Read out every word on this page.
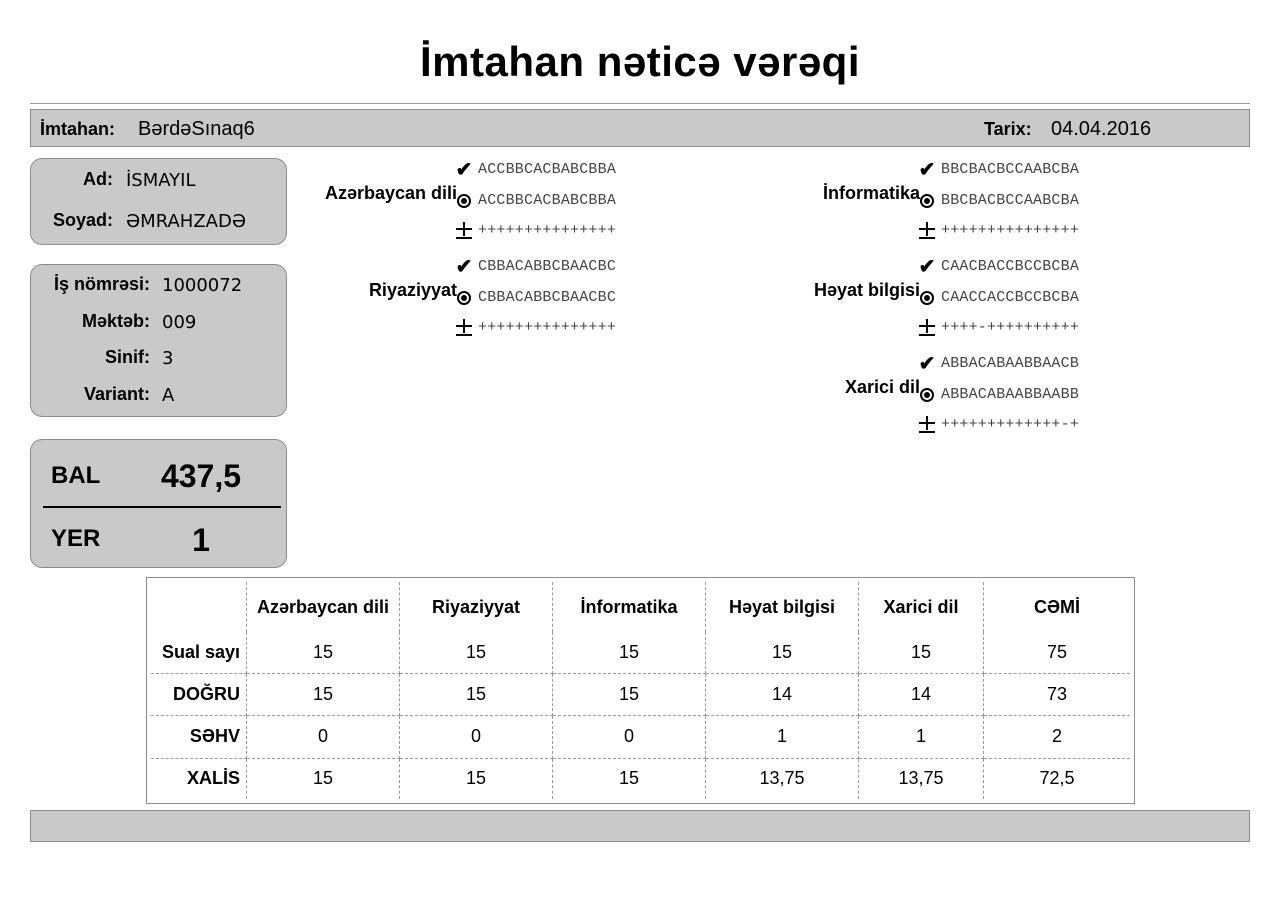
İmtahan nəticə vərəqi
İmtahan: BərdəSınaq6	Tarix: 04.04.2016
Ad: İSMAYIL
Soyad: ƏMRAHZADƏ
İş nömrəsi: 1000072
Məktəb: 009
Sinif: 3
Variant: A
BAL	437,5
YER	1
Azərbaycan dili
✔ ACCBBCACBABCBBA
ACCBBCACBABCBBA
+++++++++++++++
Riyaziyyat
✔ CBBACABBCBAACBC
CBBACABBCBAACBC
+++++++++++++++
İnformatika
✔ BBCBACBCCAABCBA
BBCBACBCCAABCBA
+++++++++++++++
Həyat bilgisi
✔ CAACBACCBCCBCBA
CAACCACCBCCBCBA
++++-++++++++++
Xarici dil
✔ ABBACABAABBAACB
ABBACABAABBAABB
+++++++++++++-+
	Azərbaycan dili	Riyaziyyat	İnformatika	Həyat bilgisi	Xarici dil	CƏMİ
Sual sayı	15	15	15	15	15	75
DOĞRU	15	15	15	14	14	73
SƏHV	0	0	0	1	1	2
XALİS	15	15	15	13,75	13,75	72,5
